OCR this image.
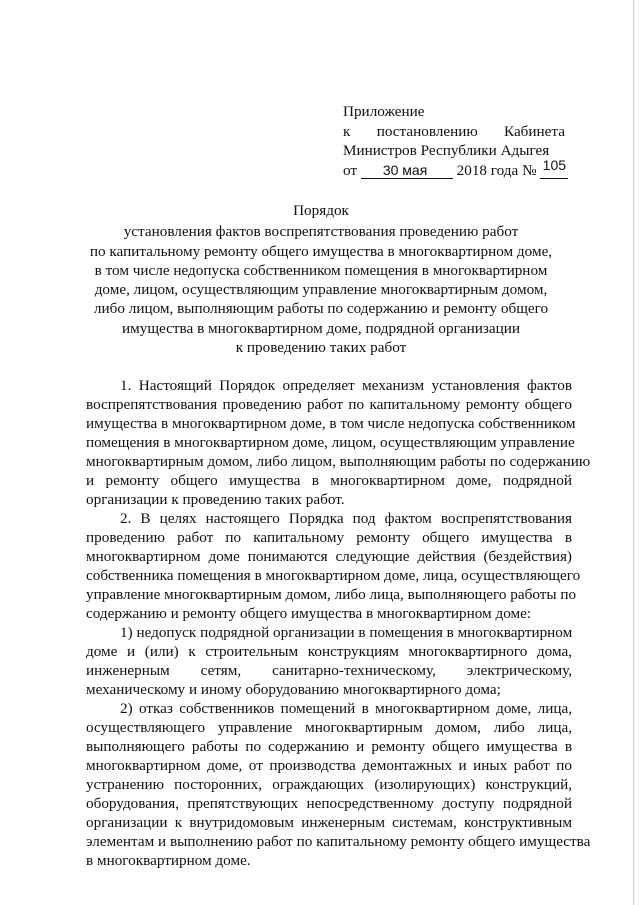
Приложение
к постановлению Кабинета
Министров Республики Адыгея
от 30 мая 2018 года № 105
Порядок
установления фактов воспрепятствования проведению работ
по капитальному ремонту общего имущества в многоквартирном доме,
в том числе недопуска собственником помещения в многоквартирном
доме, лицом, осуществляющим управление многоквартирным домом,
либо лицом, выполняющим работы по содержанию и ремонту общего
имущества в многоквартирном доме, подрядной организации
к проведению таких работ

1. Настоящий Порядок определяет механизм установления фактов
воспрепятствования проведению работ по капитальному ремонту общего
имущества в многоквартирном доме, в том числе недопуска собственником
помещения в многоквартирном доме, лицом, осуществляющим управление
многоквартирным домом, либо лицом, выполняющим работы по содержанию
и ремонту общего имущества в многоквартирном доме, подрядной
организации к проведению таких работ.

2. В целях настоящего Порядка под фактом воспрепятствования
проведению работ по капитальному ремонту общего имущества в
многоквартирном доме понимаются следующие действия (бездействия)
собственника помещения в многоквартирном доме, лица, осуществляющего
управление многоквартирным домом, либо лица, выполняющего работы по
содержанию и ремонту общего имущества в многоквартирном доме:

1) недопуск подрядной организации в помещения в многоквартирном
доме и (или) к строительным конструкциям многоквартирного дома,
инженерным сетям, санитарно-техническому, электрическому,
механическому и иному оборудованию многоквартирного дома;

2) отказ собственников помещений в многоквартирном доме, лица,
осуществляющего управление многоквартирным домом, либо лица,
выполняющего работы по содержанию и ремонту общего имущества в
многоквартирном доме, от производства демонтажных и иных работ по
устранению посторонних, ограждающих (изолирующих) конструкций,
оборудования, препятствующих непосредственному доступу подрядной
организации к внутридомовым инженерным системам, конструктивным
элементам и выполнению работ по капитальному ремонту общего имущества
в многоквартирном доме.
